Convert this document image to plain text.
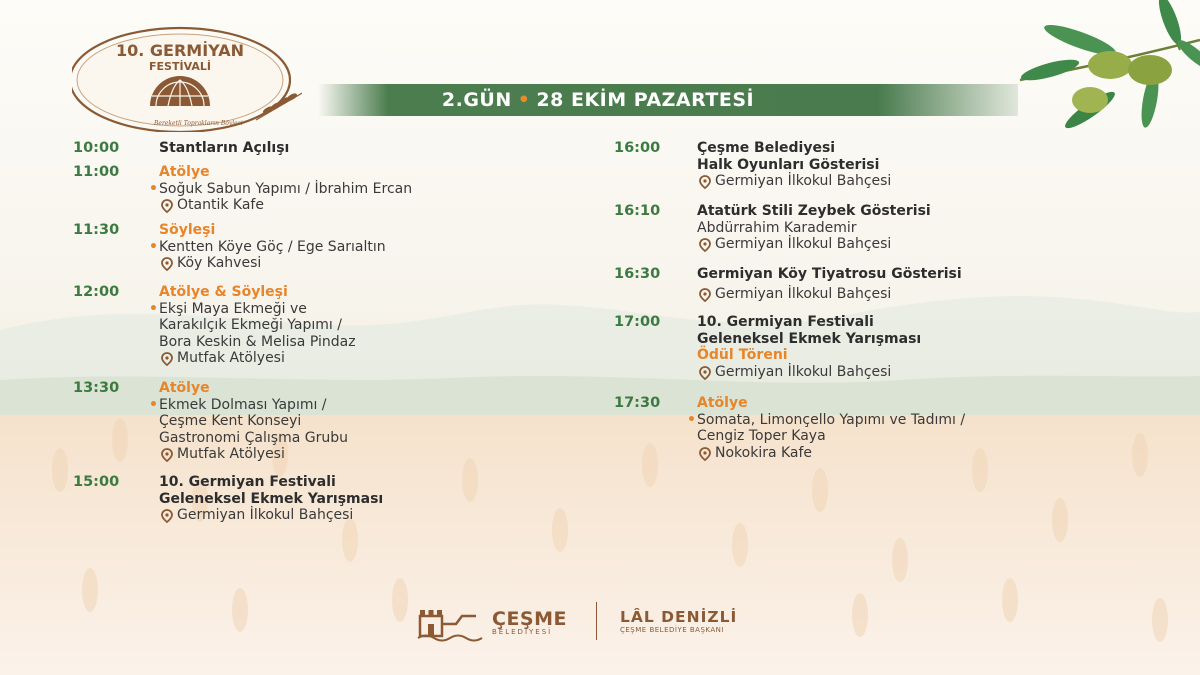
10. GERMİYAN
FESTİVALİ
Bereketli Toprakların Böylesi
2.GÜN • 28 EKİM PAZARTESİ
10:00	Stantların Açılışı
11:00	Atölye
• Soğuk Sabun Yapımı / İbrahim Ercan
Otantik Kafe
11:30	Söyleşi
• Kentten Köye Göç / Ege Sarıaltın
Köy Kahvesi
12:00	Atölye & Söyleşi
• Ekşi Maya Ekmeği ve
Karakılçık Ekmeği Yapımı /
Bora Keskin & Melisa Pindaz
Mutfak Atölyesi
13:30	Atölye
• Ekmek Dolması Yapımı /
Çeşme Kent Konseyi
Gastronomi Çalışma Grubu
Mutfak Atölyesi
15:00	10. Germiyan Festivali
Geleneksel Ekmek Yarışması
Germiyan İlkokul Bahçesi
16:00	Çeşme Belediyesi
Halk Oyunları Gösterisi
Germiyan İlkokul Bahçesi
16:10	Atatürk Stili Zeybek Gösterisi
Abdürrahim Karademir
Germiyan İlkokul Bahçesi
16:30	Germiyan Köy Tiyatrosu Gösterisi
Germiyan İlkokul Bahçesi
17:00	10. Germiyan Festivali
Geleneksel Ekmek Yarışması
Ödül Töreni
Germiyan İlkokul Bahçesi
17:30	Atölye
• Somata, Limonçello Yapımı ve Tadımı /
Cengiz Toper Kaya
Nokokira Kafe
ÇEŞME
BELEDİYESİ
LÂL DENİZLİ
ÇEŞME BELEDİYE BAŞKANI
